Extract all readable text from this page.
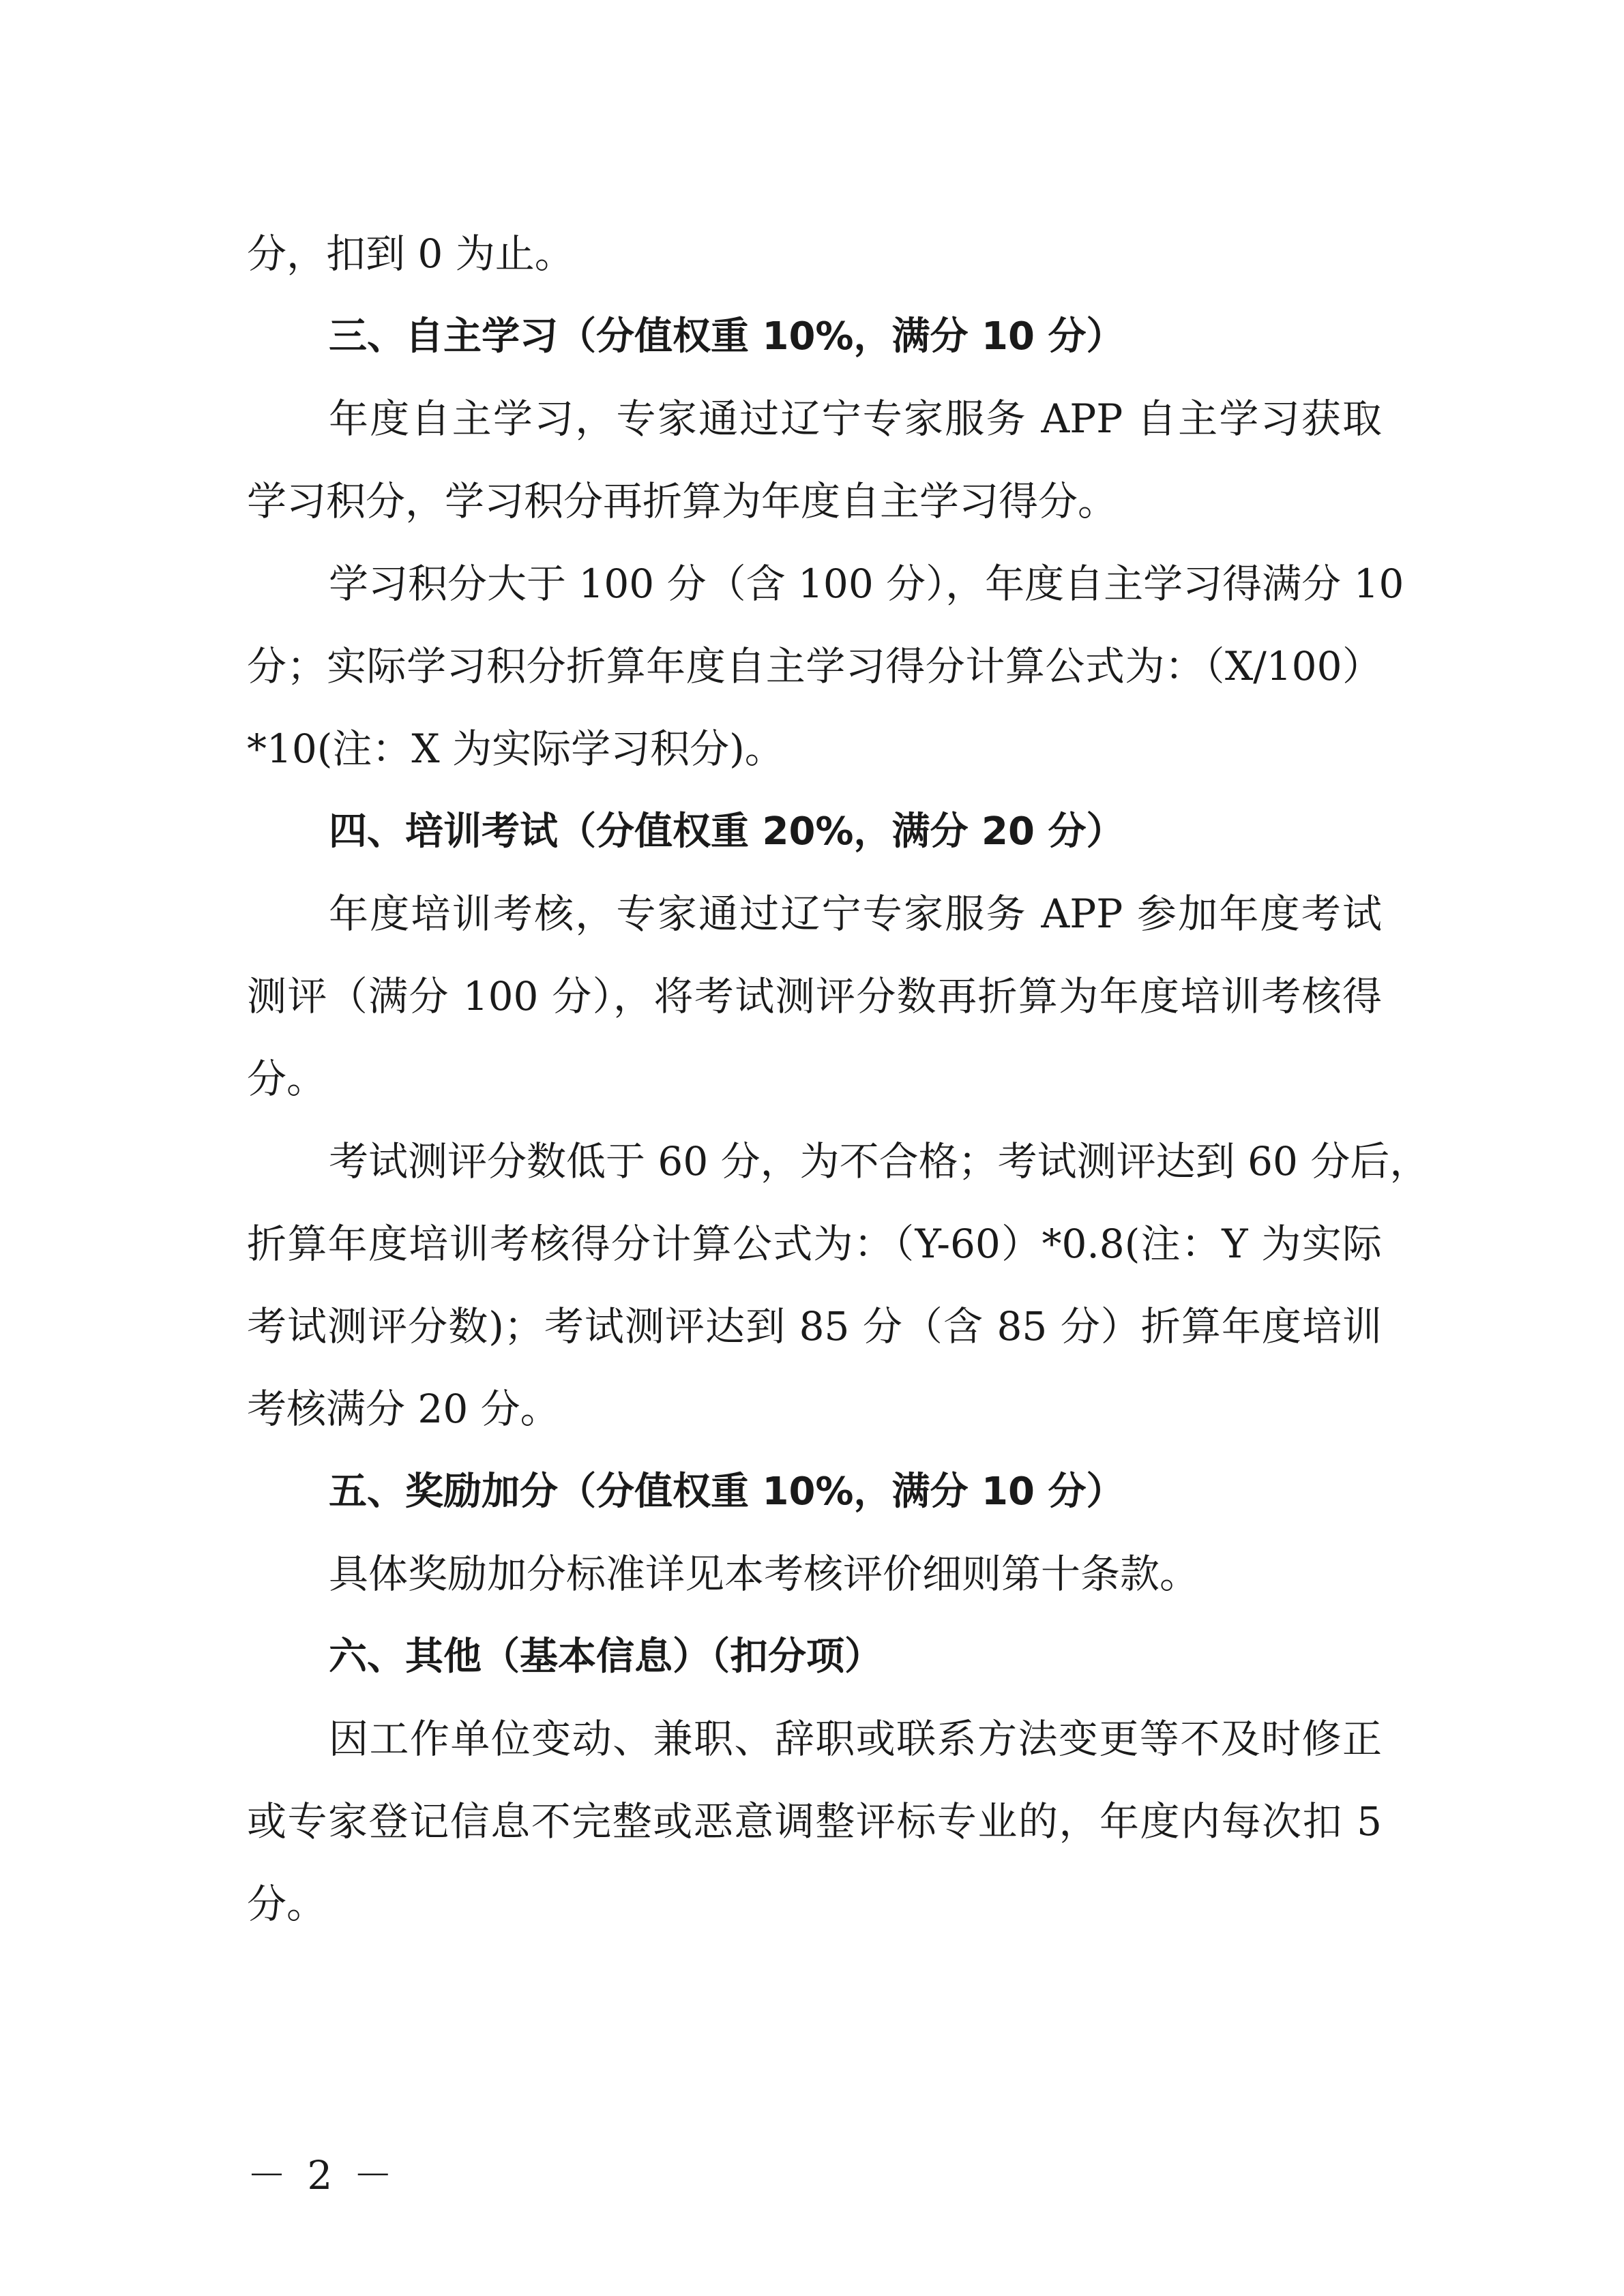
分，扣到 0 为止。

三、自主学习（分值权重 10%，满分 10 分）

年度自主学习，专家通过辽宁专家服务 APP 自主学习获取

学习积分，学习积分再折算为年度自主学习得分。

学习积分大于 100 分（含 100 分），年度自主学习得满分 10

分；实际学习积分折算年度自主学习得分计算公式为：（X/100）

*10(注：X 为实际学习积分)。

四、培训考试（分值权重 20%，满分 20 分）

年度培训考核，专家通过辽宁专家服务 APP 参加年度考试

测评（满分 100 分），将考试测评分数再折算为年度培训考核得

分。

考试测评分数低于 60 分，为不合格；考试测评达到 60 分后，

折算年度培训考核得分计算公式为：（Y-60）*0.8(注：Y 为实际

考试测评分数)；考试测评达到 85 分（含 85 分）折算年度培训

考核满分 20 分。

五、奖励加分（分值权重 10%，满分 10 分）

具体奖励加分标准详见本考核评价细则第十条款。

六、其他（基本信息）（扣分项）

因工作单位变动、兼职、辞职或联系方法变更等不及时修正

或专家登记信息不完整或恶意调整评标专业的，年度内每次扣 5

分。

－ 2 －
